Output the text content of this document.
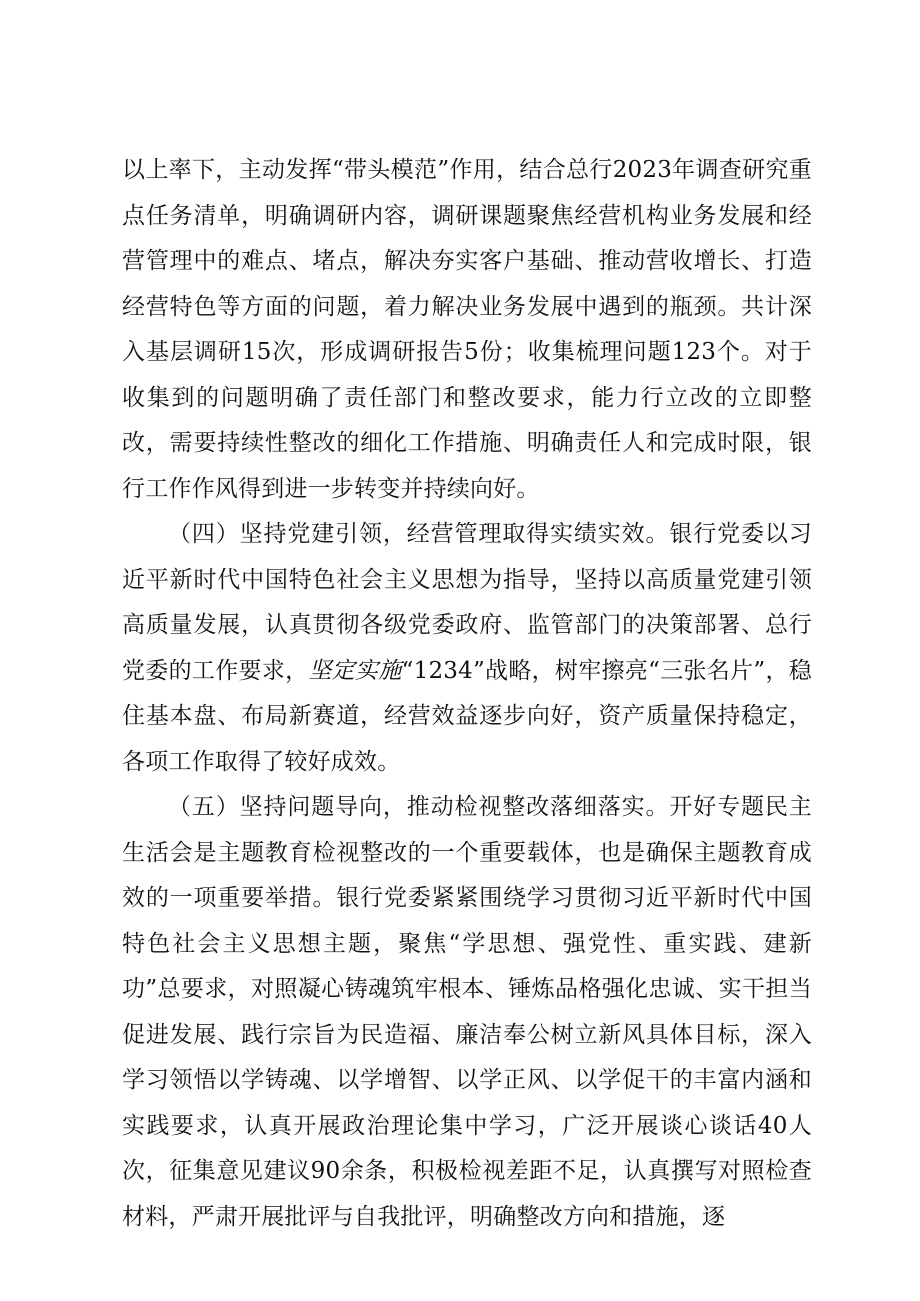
以上率下，主动发挥“带头模范”作用，结合总行2023年调查研究重点任务清单，明确调研内容，调研课题聚焦经营机构业务发展和经营管理中的难点、堵点，解决夯实客户基础、推动营收增长、打造经营特色等方面的问题，着力解决业务发展中遇到的瓶颈。共计深入基层调研15次，形成调研报告5份；收集梳理问题123个。对于收集到的问题明确了责任部门和整改要求，能力行立改的立即整改，需要持续性整改的细化工作措施、明确责任人和完成时限，银行工作作风得到进一步转变并持续向好。

（四）坚持党建引领，经营管理取得实绩实效。银行党委以习近平新时代中国特色社会主义思想为指导，坚持以高质量党建引领高质量发展，认真贯彻各级党委政府、监管部门的决策部署、总行党委的工作要求，坚定实施“1234”战略，树牢擦亮“三张名片”，稳住基本盘、布局新赛道，经营效益逐步向好，资产质量保持稳定，各项工作取得了较好成效。

（五）坚持问题导向，推动检视整改落细落实。开好专题民主生活会是主题教育检视整改的一个重要载体，也是确保主题教育成效的一项重要举措。银行党委紧紧围绕学习贯彻习近平新时代中国特色社会主义思想主题，聚焦“学思想、强党性、重实践、建新功”总要求，对照凝心铸魂筑牢根本、锤炼品格强化忠诚、实干担当促进发展、践行宗旨为民造福、廉洁奉公树立新风具体目标，深入学习领悟以学铸魂、以学增智、以学正风、以学促干的丰富内涵和实践要求，认真开展政治理论集中学习，广泛开展谈心谈话40人次，征集意见建议90余条，积极检视差距不足，认真撰写对照检查材料，严肃开展批评与自我批评，明确整改方向和措施，逐
